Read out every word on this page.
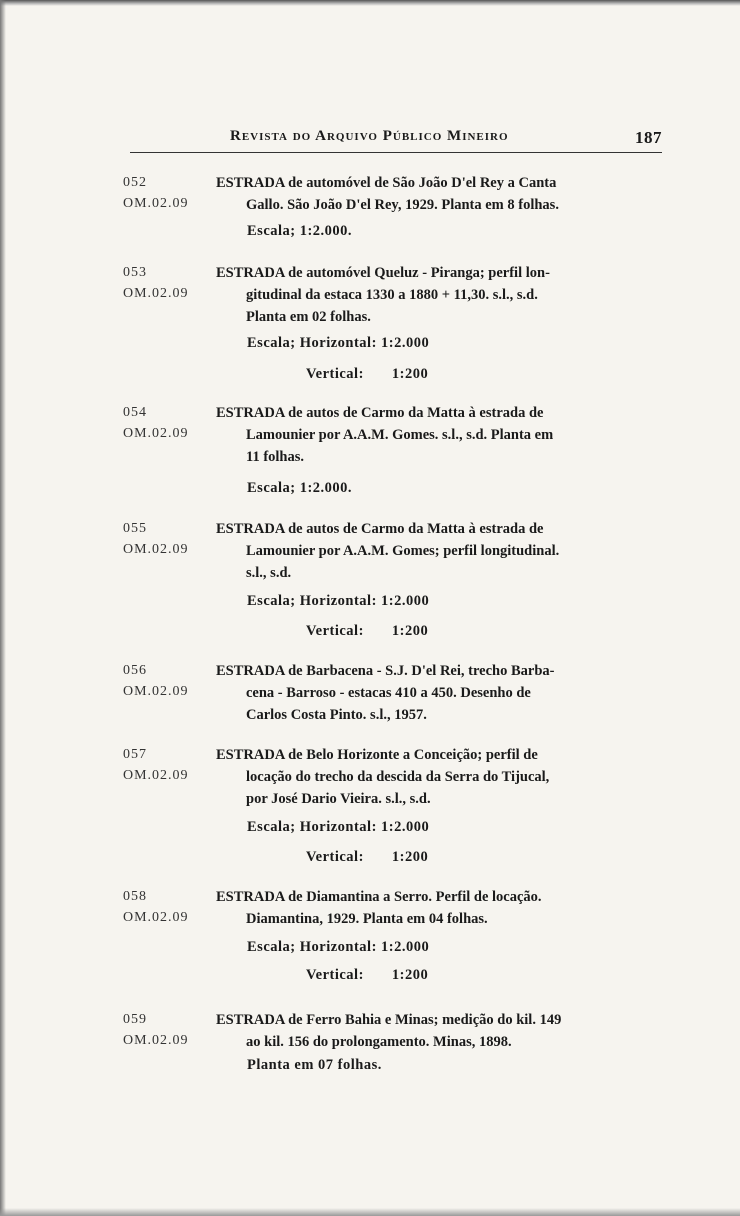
Revista do Arquivo Público Mineiro	187
052
OM.02.09
ESTRADA de automóvel de São João D'el Rey a Canta
Gallo. São João D'el Rey, 1929. Planta em 8 folhas.
Escala; 1:2.000.
053
OM.02.09
ESTRADA de automóvel Queluz - Piranga; perfil lon-
gitudinal da estaca 1330 a 1880 + 11,30. s.l., s.d.
Planta em 02 folhas.
Escala; Horizontal: 1:2.000
Vertical: 1:200
054
OM.02.09
ESTRADA de autos de Carmo da Matta à estrada de
Lamounier por A.A.M. Gomes. s.l., s.d. Planta em
11 folhas.
Escala; 1:2.000.
055
OM.02.09
ESTRADA de autos de Carmo da Matta à estrada de
Lamounier por A.A.M. Gomes; perfil longitudinal.
s.l., s.d.
Escala; Horizontal: 1:2.000
Vertical: 1:200
056
OM.02.09
ESTRADA de Barbacena - S.J. D'el Rei, trecho Barba-
cena - Barroso - estacas 410 a 450. Desenho de
Carlos Costa Pinto. s.l., 1957.
057
OM.02.09
ESTRADA de Belo Horizonte a Conceição; perfil de
locação do trecho da descida da Serra do Tijucal,
por José Dario Vieira. s.l., s.d.
Escala; Horizontal: 1:2.000
Vertical: 1:200
058
OM.02.09
ESTRADA de Diamantina a Serro. Perfil de locação.
Diamantina, 1929. Planta em 04 folhas.
Escala; Horizontal: 1:2.000
Vertical: 1:200
059
OM.02.09
ESTRADA de Ferro Bahia e Minas; medição do kil. 149
ao kil. 156 do prolongamento. Minas, 1898.
Planta em 07 folhas.
